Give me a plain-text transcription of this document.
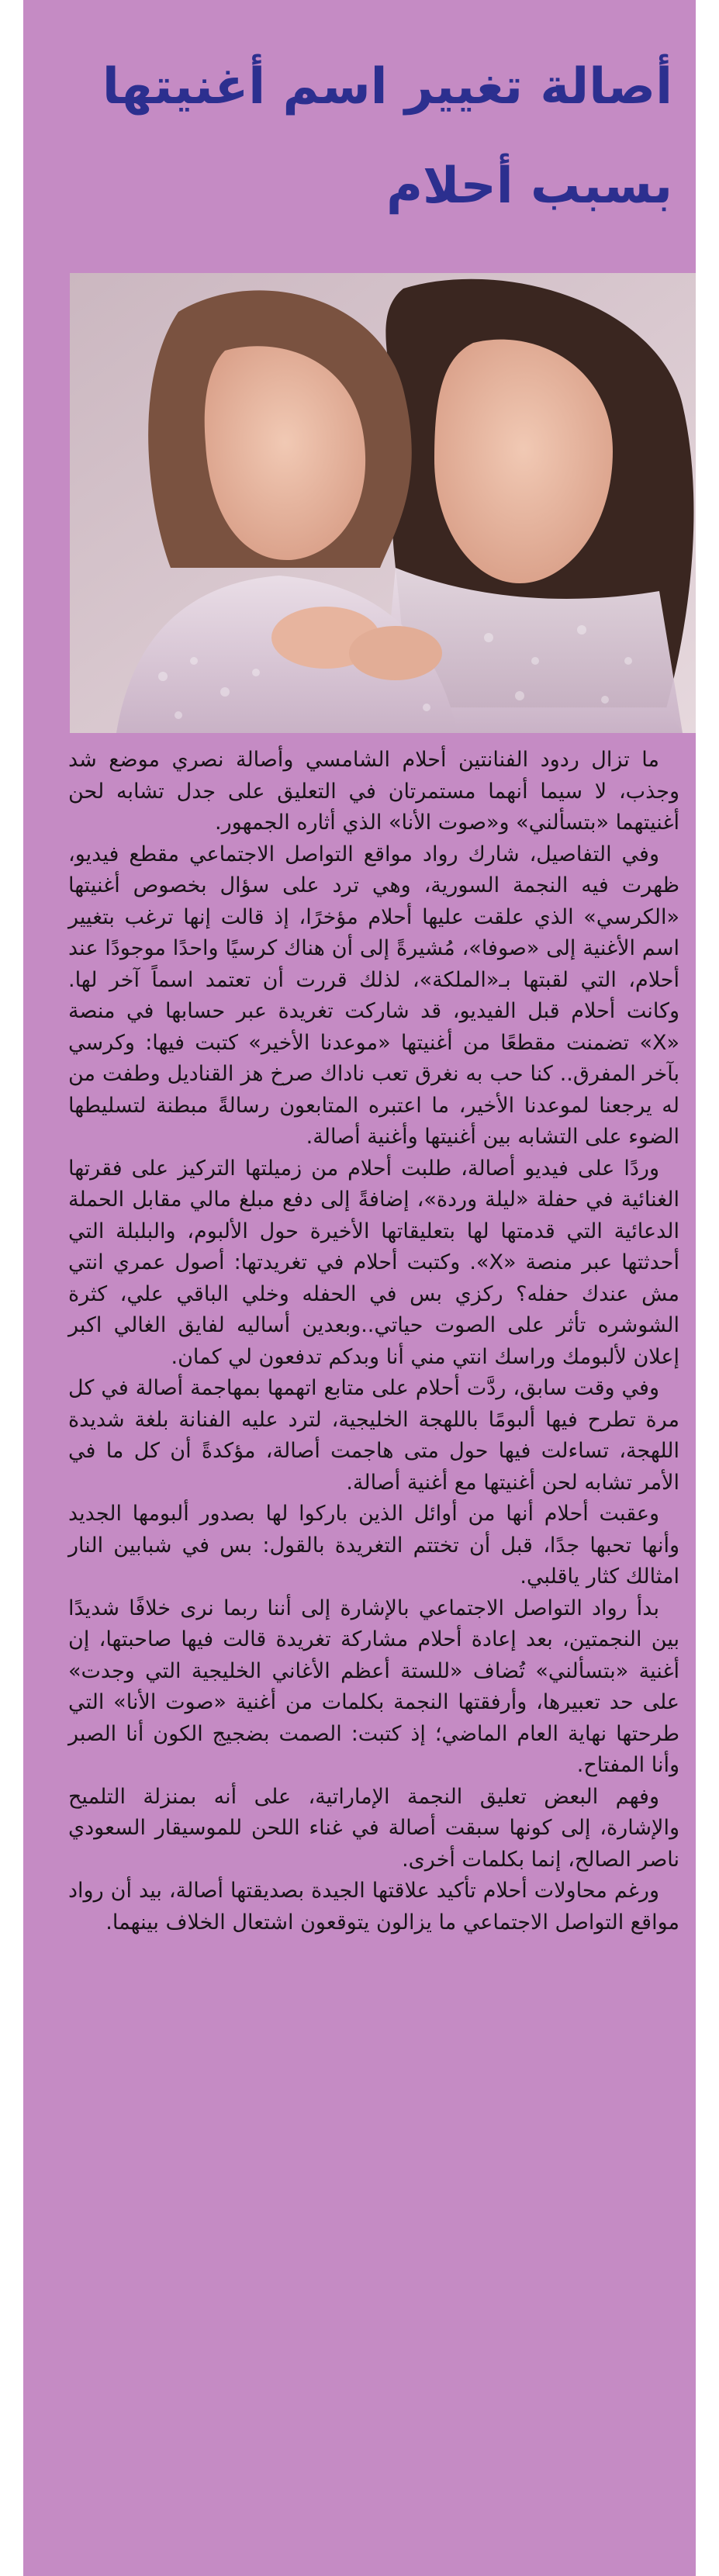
أصالة تغيير اسم أغنيتها
بسبب أحلام

ما تزال ردود الفنانتين أحلام الشامسي وأصالة نصري موضع شد وجذب، لا سيما أنهما مستمرتان في التعليق على جدل تشابه لحن أغنيتهما «بتسألني» و«صوت الأنا» الذي أثاره الجمهور.

وفي التفاصيل، شارك رواد مواقع التواصل الاجتماعي مقطع فيديو، ظهرت فيه النجمة السورية، وهي ترد على سؤال بخصوص أغنيتها «الكرسي» الذي علقت عليها أحلام مؤخرًا، إذ قالت إنها ترغب بتغيير اسم الأغنية إلى «صوفا»، مُشيرةً إلى أن هناك كرسيًا واحدًا موجودًا عند أحلام، التي لقبتها بـ«الملكة»، لذلك قررت أن تعتمد اسماً آخر لها. وكانت أحلام قبل الفيديو، قد شاركت تغريدة عبر حسابها في منصة «X» تضمنت مقطعًا من أغنيتها «موعدنا الأخير» كتبت فيها: وكرسي بآخر المفرق.. كنا حب به نغرق تعب ناداك صرخ هز القناديل وطفت من له يرجعنا لموعدنا الأخير، ما اعتبره المتابعون رسالةً مبطنة لتسليطها الضوء على التشابه بين أغنيتها وأغنية أصالة.

وردًا على فيديو أصالة، طلبت أحلام من زميلتها التركيز على فقرتها الغنائية في حفلة «ليلة وردة»، إضافةً إلى دفع مبلغ مالي مقابل الحملة الدعائية التي قدمتها لها بتعليقاتها الأخيرة حول الألبوم، والبلبلة التي أحدثتها عبر منصة «X». وكتبت أحلام في تغريدتها: أصول عمري انتي مش عندك حفله؟ ركزي بس في الحفله وخلي الباقي علي، كثرة الشوشره تأثر على الصوت حياتي..وبعدين أساليه لفايق الغالي اكبر إعلان لألبومك وراسك انتي مني أنا وبدكم تدفعون لي كمان.

وفي وقت سابق، ردَّت أحلام على متابع اتهمها بمهاجمة أصالة في كل مرة تطرح فيها ألبومًا باللهجة الخليجية، لترد عليه الفنانة بلغة شديدة اللهجة، تساءلت فيها حول متى هاجمت أصالة، مؤكدةً أن كل ما في الأمر تشابه لحن أغنيتها مع أغنية أصالة.

وعقبت أحلام أنها من أوائل الذين باركوا لها بصدور ألبومها الجديد وأنها تحبها جدًا، قبل أن تختتم التغريدة بالقول: بس في شبابين النار امثالك كثار ياقلبي.

بدأ رواد التواصل الاجتماعي بالإشارة إلى أننا ربما نرى خلافًا شديدًا بين النجمتين، بعد إعادة أحلام مشاركة تغريدة قالت فيها صاحبتها، إن أغنية «بتسألني» تُضاف «للستة أعظم الأغاني الخليجية التي وجدت» على حد تعبيرها، وأرفقتها النجمة بكلمات من أغنية «صوت الأنا» التي طرحتها نهاية العام الماضي؛ إذ كتبت: الصمت بضجيج الكون أنا الصبر وأنا المفتاح.

وفهم البعض تعليق النجمة الإماراتية، على أنه بمنزلة التلميح والإشارة، إلى كونها سبقت أصالة في غناء اللحن للموسيقار السعودي ناصر الصالح، إنما بكلمات أخرى.

ورغم محاولات أحلام تأكيد علاقتها الجيدة بصديقتها أصالة، بيد أن رواد مواقع التواصل الاجتماعي ما يزالون يتوقعون اشتعال الخلاف بينهما.
